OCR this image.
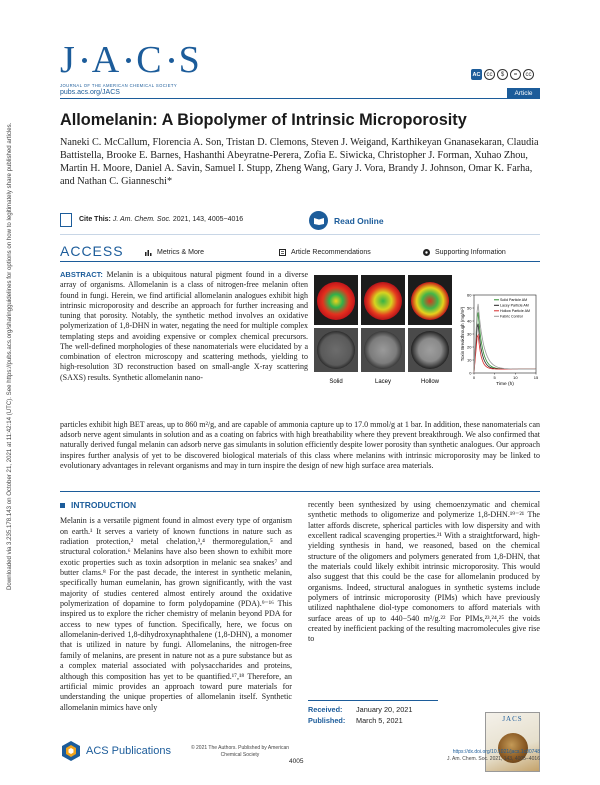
Downloaded via 3.235.178.143 on October 21, 2021 at 11:42:14 (UTC). See https://pubs.acs.org/sharingguidelines for options on how to legitimately share published articles.
J A C S
JOURNAL OF THE AMERICAN CHEMICAL SOCIETY
pubs.acs.org/JACS
AC	cc	$	=	cc
Article
Allomelanin: A Biopolymer of Intrinsic Microporosity
Naneki C. McCallum, Florencia A. Son, Tristan D. Clemons, Steven J. Weigand, Karthikeyan Gnanasekaran, Claudia Battistella, Brooke E. Barnes, Hashanthi Abeyratne-Perera, Zofia E. Siwicka, Christopher J. Forman, Xuhao Zhou, Martin H. Moore, Daniel A. Savin, Samuel I. Stupp, Zheng Wang, Gary J. Vora, Brandy J. Johnson, Omar K. Farha, and Nathan C. Gianneschi*
Cite This: J. Am. Chem. Soc. 2021, 143, 4005−4016	Read Online
ACCESS	Metrics & More	Article Recommendations	Supporting Information
ABSTRACT: Melanin is a ubiquitous natural pigment found in a diverse array of organisms. Allomelanin is a class of nitrogen-free melanin often found in fungi. Herein, we find artificial allomelanin analogues exhibit high intrinsic microporosity and describe an approach for further increasing and tuning that porosity. Notably, the synthetic method involves an oxidative polymerization of 1,8-DHN in water, negating the need for multiple complex templating steps and avoiding expensive or complex chemical precursors. The well-defined morphologies of these nanomaterials were elucidated by a combination of electron microscopy and scattering methods, yielding to high-resolution 3D reconstruction based on small-angle X-ray scattering (SAXS) results. Synthetic allomelanin nano-
Solid	Lacey	Hollow
0
10
20
30
40
50
60
0	5	10	15
Time (h)
Toxin Breakthrough (mg/m²)
Solid Particle AM
Lacey Particle AM
Hollow Particle AM
Fabric Control
particles exhibit high BET areas, up to 860 m²/g, and are capable of ammonia capture up to 17.0 mmol/g at 1 bar. In addition, these nanomaterials can adsorb nerve agent simulants in solution and as a coating on fabrics with high breathability where they prevent breakthrough. We also confirmed that naturally derived fungal melanin can adsorb nerve gas simulants in solution efficiently despite lower porosity than synthetic analogues. Our approach inspires further analysis of yet to be discovered biological materials of this class where melanins with intrinsic microporosity may be linked to evolutionary advantages in relevant organisms and may in turn inspire the design of new high surface area materials.
INTRODUCTION
Melanin is a versatile pigment found in almost every type of organism on earth.¹ It serves a variety of known functions in nature such as radiation protection,² metal chelation,³,⁴ thermoregulation,⁵ and structural coloration.⁶ Melanins have also been shown to exhibit more exotic properties such as toxin adsorption in melanic sea snakes⁷ and butter clams.⁸ For the past decade, the interest in synthetic melanin, specifically human eumelanin, has grown significantly, with the vast majority of studies centered almost entirely around the oxidative polymerization of dopamine to form polydopamine (PDA).⁹⁻¹⁶ This inspired us to explore the richer chemistry of melanin beyond PDA for access to new types of function. Specifically, here, we focus on allomelanin-derived 1,8-dihydroxynaphthalene (1,8-DHN), a monomer that is utilized in nature by fungi. Allomelanins, the nitrogen-free family of melanins, are present in nature not as a pure substance but as a complex material associated with polysaccharides and proteins, although this composition has yet to be quantified.¹⁷,¹⁸ Therefore, an artificial mimic provides an approach toward pure materials for understanding the unique properties of allomelanin itself. Synthetic allomelanin mimics have only
recently been synthesized by using chemoenzymatic and chemical synthetic methods to oligomerize and polymerize 1,8-DHN.¹⁹⁻²¹ The latter affords discrete, spherical particles with low dispersity and with excellent radical scavenging properties.²¹ With a straightforward, high-yielding synthesis in hand, we reasoned, based on the chemical structure of the oligomers and polymers generated from 1,8-DHN, that the materials could likely exhibit intrinsic microporosity. This would also suggest that this could be the case for allomelanin produced by organisms. Indeed, structural analogues in synthetic systems include polymers of intrinsic microporosity (PIMs) which have previously utilized naphthalene diol-type comonomers to afford materials with surface areas of up to 440−540 m²/g.²² For PIMs,²³,²⁴,²⁵ the voids created by inefficient packing of the resulting macromolecules give rise to
Received: January 20, 2021
Published: March 5, 2021	JACS
ACS Publications	© 2021 The Authors. Published by American Chemical Society
4005
https://dx.doi.org/10.1021/jacs.1c00748
J. Am. Chem. Soc. 2021, 143, 4005−4016
